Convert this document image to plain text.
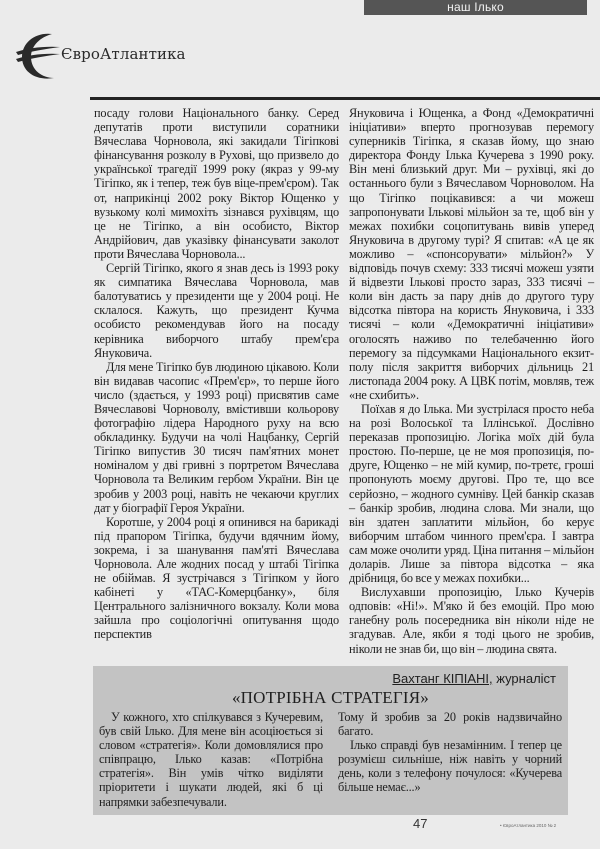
наш Ілько
ЄвроАтлантика

посаду голови Національного банку. Серед депутатів проти виступили соратники Вячеслава Чорновола, які закидали Тігіпкові фінансування розколу в Рухові, що призвело до української трагедії 1999 року (якраз у 99-му Тігіпко, як і тепер, теж був віце-прем'єром). Так от, наприкінці 2002 року Віктор Ющенко у вузькому колі мимохіть зізнався рухівцям, що це не Тігіпко, а він особисто, Віктор Андрійович, дав указівку фінансувати заколот проти Вячеслава Чорновола...

Сергій Тігіпко, якого я знав десь із 1993 року як симпатика Вячеслава Чорновола, мав балотуватись у президенти ще у 2004 році. Не склалося. Кажуть, що президент Кучма особисто рекомендував його на посаду керівника виборчого штабу прем'єра Януковича.

Для мене Тігіпко був людиною цікавою. Коли він видавав часопис «Прем'єр», то перше його число (здається, у 1993 році) присвятив саме Вячеславові Чорноволу, вмістивши кольорову фотографію лідера Народного руху на всю обкладинку. Будучи на чолі Нацбанку, Сергій Тігіпко випустив 30 тисяч пам'ятних монет номіналом у дві гривні з портретом Вячеслава Чорновола та Великим гербом України. Він це зробив у 2003 році, навіть не чекаючи круглих дат у біографії Героя України.

Коротше, у 2004 році я опинився на барикаді під прапором Тігіпка, будучи вдячним йому, зокрема, і за шанування пам'яті Вячеслава Чорновола. Але жодних посад у штабі Тігіпка не обіймав. Я зустрічався з Тігіпком у його кабінеті у «ТАС-Комерцбанку», біля Центрального залізничного вокзалу. Коли мова зайшла про соціологічні опитування щодо перспектив

Януковича і Ющенка, а Фонд «Демократичні ініціативи» вперто прогнозував перемогу суперників Тігіпка, я сказав йому, що знаю директора Фонду Ілька Кучерева з 1990 року. Він мені близький друг. Ми – рухівці, які до останнього були з Вячеславом Чорноволом. На що Тігіпко поцікавився: а чи можеш запропонувати Ількові мільйон за те, щоб він у межах похибки соцопитувань вивів уперед Януковича в другому турі? Я спитав: «А це як можливо – «спонсорувати» мільйон?» У відповідь почув схему: 333 тисячі можеш узяти й відвезти Ількові просто зараз, 333 тисячі – коли він дасть за пару днів до другого туру відсотка півтора на користь Януковича, і 333 тисячі – коли «Демократичні ініціативи» оголосять наживо по телебаченню його перемогу за підсумками Національного екзит-полу після закриття виборчих дільниць 21 листопада 2004 року. А ЦВК потім, мовляв, теж «не схибить».

Поїхав я до Ілька. Ми зустрілася просто неба на розі Волоської та Іллінської. Дослівно переказав пропозицію. Логіка моїх дій була простою. По-перше, це не моя пропозиція, по-друге, Ющенко – не мій кумир, по-третє, гроші пропонують моєму другові. Про те, що все серйозно, – жодного сумніву. Цей банкір сказав – банкір зробив, людина слова. Ми знали, що він здатен заплатити мільйон, бо керує виборчим штабом чинного прем'єра. І завтра сам може очолити уряд. Ціна питання – мільйон доларів. Лише за півтора відсотка – яка дрібниця, бо все у межах похибки...

Вислухавши пропозицію, Ілько Кучерів одповів: «Ні!». М'яко й без емоцій. Про мою ганебну роль посередника він ніколи ніде не згадував. Але, якби я тоді цього не зробив, ніколи не знав би, що він – людина свята.

Вахтанг КІПІАНІ, журналіст
«ПОТРІБНА СТРАТЕГІЯ»

У кожного, хто спілкувався з Кучеревим, був свій Ілько. Для мене він асоціюється зі словом «стратегія». Коли домовлялися про співпрацю, Ілько казав: «Потрібна стратегія». Він умів чітко виділяти пріоритети і шукати людей, які б ці напрямки забезпечували.

Тому й зробив за 20 років надзвичайно багато.

Ілько справді був незамінним. І тепер це розумієш сильніше, ніж навіть у чорний день, коли з телефону почулося: «Кучерева більше немає...»

47	• ЄвроАтлантика 2010 № 2
